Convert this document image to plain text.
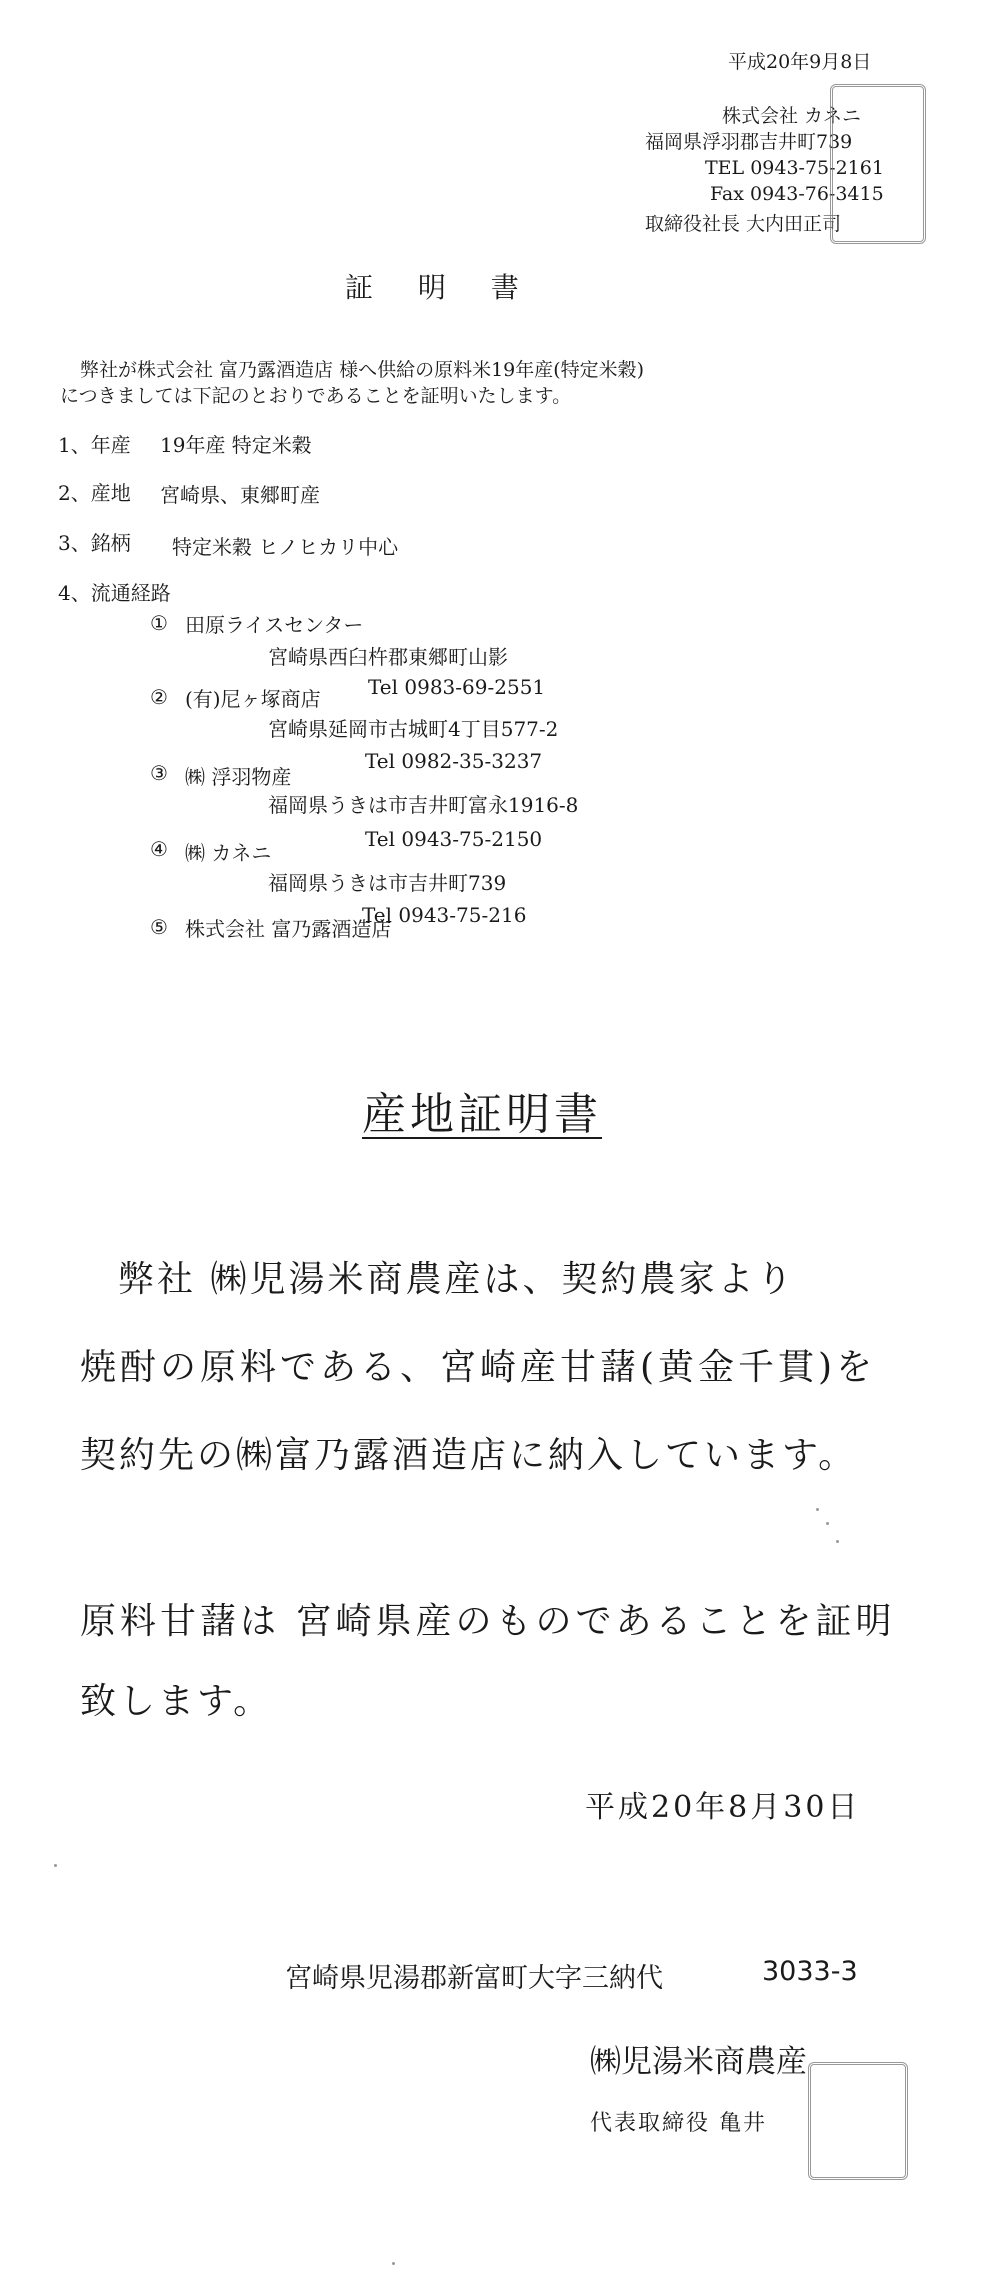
平成20年9月8日
株式会社 カネニ
福岡県浮羽郡吉井町739
TEL 0943-75-2161
Fax 0943-76-3415
取締役社長 大内田正司
証 明 書
弊社が株式会社 富乃露酒造店 様へ供給の原料米19年産(特定米穀)
につきましては下記のとおりであることを証明いたします。
1、年産 19年産 特定米穀
2、産地 宮崎県、東郷町産
3、銘柄 特定米穀 ヒノヒカリ中心
4、流通経路
① 田原ライスセンター
宮崎県西臼杵郡東郷町山影
Tel 0983-69-2551
② (有)尼ヶ塚商店
宮崎県延岡市古城町4丁目577-2
Tel 0982-35-3237
③ ㈱ 浮羽物産
福岡県うきは市吉井町富永1916-8
Tel 0943-75-2150
④ ㈱ カネニ
福岡県うきは市吉井町739
Tel 0943-75-216
⑤ 株式会社 富乃露酒造店
産地証明書
弊社 ㈱児湯米商農産は、契約農家より
焼酎の原料である、宮崎産甘藷(黄金千貫)を
契約先の㈱富乃露酒造店に納入しています。
原料甘藷は 宮崎県産のものであることを証明
致します。
平成20年8月30日
宮崎県児湯郡新富町大字三納代	3033-3
㈱児湯米商農産
代表取締役 亀井
